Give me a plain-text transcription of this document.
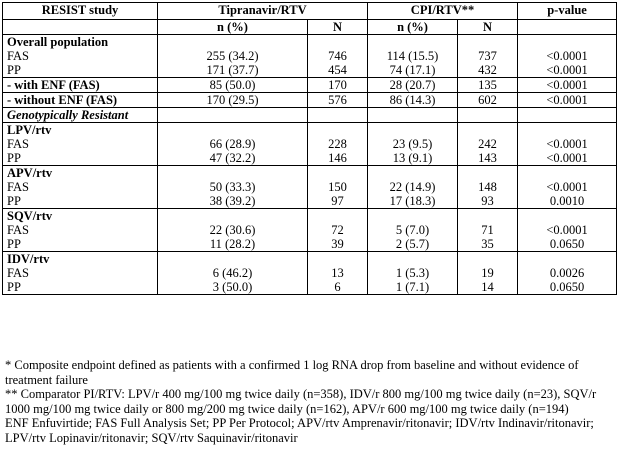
RESIST study	Tipranavir/RTV		CPI/RTV**		p-value
	n (%)	N	n (%)	N	
Overall population					
FAS	255 (34.2)	746	114 (15.5)	737	<0.0001
PP	171 (37.7)	454	74 (17.1)	432	<0.0001
- with ENF (FAS)	85 (50.0)	170	28 (20.7)	135	<0.0001
- without ENF (FAS)	170 (29.5)	576	86 (14.3)	602	<0.0001
Genotypically Resistant					
LPV/rtv					
FAS	66 (28.9)	228	23 (9.5)	242	<0.0001
PP	47 (32.2)	146	13 (9.1)	143	<0.0001
APV/rtv					
FAS	50 (33.3)	150	22 (14.9)	148	<0.0001
PP	38 (39.2)	97	17 (18.3)	93	0.0010
SQV/rtv					
FAS	22 (30.6)	72	5 (7.0)	71	<0.0001
PP	11 (28.2)	39	2 (5.7)	35	0.0650
IDV/rtv					
FAS	6 (46.2)	13	1 (5.3)	19	0.0026
PP	3 (50.0)	6	1 (7.1)	14	0.0650

* Composite endpoint defined as patients with a confirmed 1 log RNA drop from baseline and without evidence of treatment failure

** Comparator PI/RTV: LPV/r 400 mg/100 mg twice daily (n=358), IDV/r 800 mg/100 mg twice daily (n=23), SQV/r 1000 mg/100 mg twice daily or 800 mg/200 mg twice daily (n=162), APV/r 600 mg/100 mg twice daily (n=194)

ENF Enfuvirtide; FAS Full Analysis Set; PP Per Protocol; APV/rtv Amprenavir/ritonavir; IDV/rtv Indinavir/ritonavir; LPV/rtv Lopinavir/ritonavir; SQV/rtv Saquinavir/ritonavir
